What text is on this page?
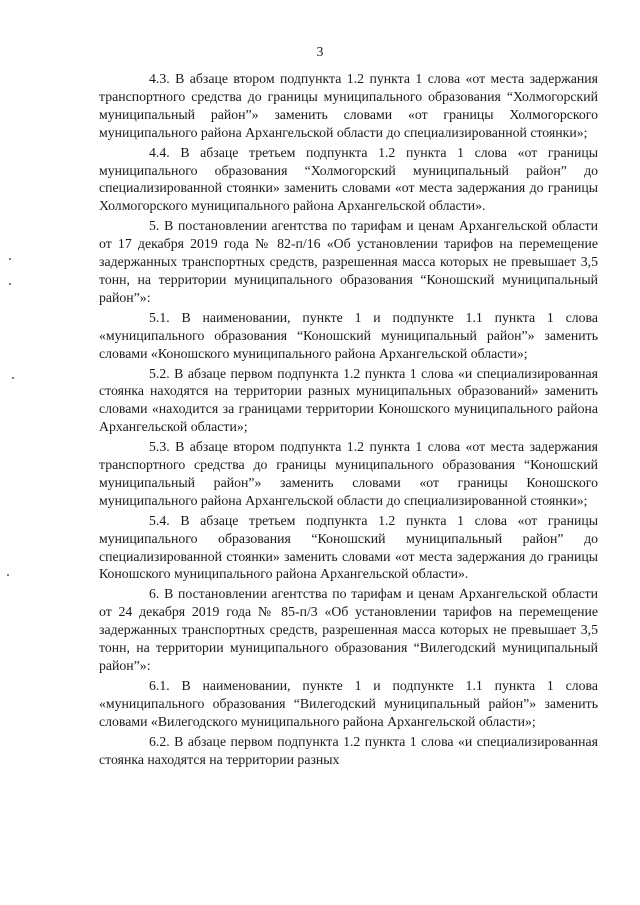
3

4.3. В абзаце втором подпункта 1.2 пункта 1 слова «от места задержания транспортного средства до границы муниципального образования “Холмогорский муниципальный район”» заменить словами «от границы Холмогорского муниципального района Архангельской области до специализированной стоянки»;

4.4. В абзаце третьем подпункта 1.2 пункта 1 слова «от границы муниципального образования “Холмогорский муниципальный район” до специализированной стоянки» заменить словами «от места задержания до границы Холмогорского муниципального района Архангельской области».

5. В постановлении агентства по тарифам и ценам Архангельской области от 17 декабря 2019 года № 82-п/16 «Об установлении тарифов на перемещение задержанных транспортных средств, разрешенная масса которых не превышает 3,5 тонн, на территории муниципального образования “Коношский муниципальный район”»:

5.1. В наименовании, пункте 1 и подпункте 1.1 пункта 1 слова «муниципального образования “Коношский муниципальный район”» заменить словами «Коношского муниципального района Архангельской области»;

5.2. В абзаце первом подпункта 1.2 пункта 1 слова «и специализированная стоянка находятся на территории разных муниципальных образований» заменить словами «находится за границами территории Коношского муниципального района Архангельской области»;

5.3. В абзаце втором подпункта 1.2 пункта 1 слова «от места задержания транспортного средства до границы муниципального образования “Коношский муниципальный район”» заменить словами «от границы Коношского муниципального района Архангельской области до специализированной стоянки»;

5.4. В абзаце третьем подпункта 1.2 пункта 1 слова «от границы муниципального образования “Коношский муниципальный район” до специализированной стоянки» заменить словами «от места задержания до границы Коношского муниципального района Архангельской области».

6. В постановлении агентства по тарифам и ценам Архангельской области от 24 декабря 2019 года № 85-п/3 «Об установлении тарифов на перемещение задержанных транспортных средств, разрешенная масса которых не превышает 3,5 тонн, на территории муниципального образования “Вилегодский муниципальный район”»:

6.1. В наименовании, пункте 1 и подпункте 1.1 пункта 1 слова «муниципального образования “Вилегодский муниципальный район”» заменить словами «Вилегодского муниципального района Архангельской области»;

6.2. В абзаце первом подпункта 1.2 пункта 1 слова «и специализированная стоянка находятся на территории разных
